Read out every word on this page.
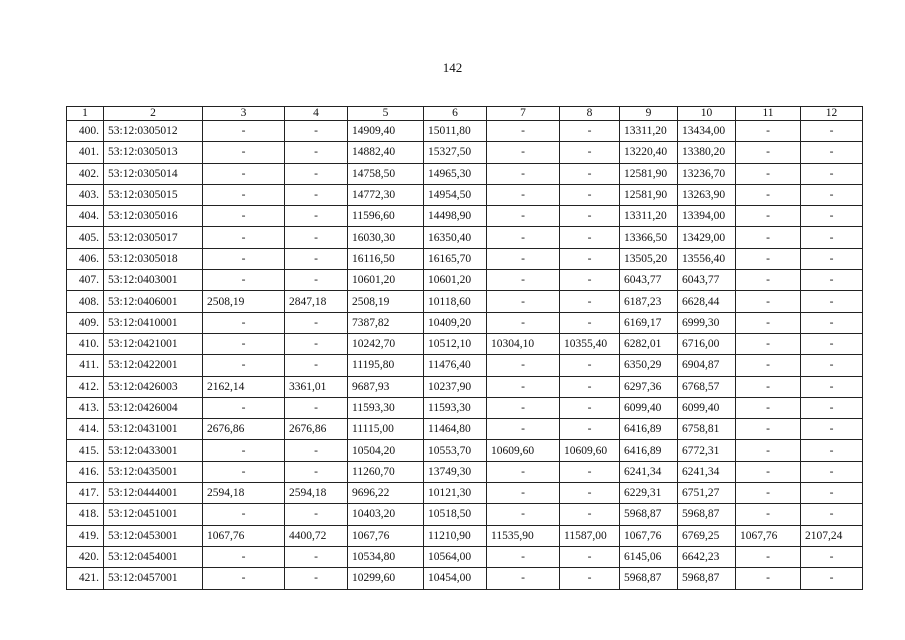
142
1	2	3	4	5	6	7	8	9	10	11	12
400.	53:12:0305012	-	-	14909,40	15011,80	-	-	13311,20	13434,00	-	-
401.	53:12:0305013	-	-	14882,40	15327,50	-	-	13220,40	13380,20	-	-
402.	53:12:0305014	-	-	14758,50	14965,30	-	-	12581,90	13236,70	-	-
403.	53:12:0305015	-	-	14772,30	14954,50	-	-	12581,90	13263,90	-	-
404.	53:12:0305016	-	-	11596,60	14498,90	-	-	13311,20	13394,00	-	-
405.	53:12:0305017	-	-	16030,30	16350,40	-	-	13366,50	13429,00	-	-
406.	53:12:0305018	-	-	16116,50	16165,70	-	-	13505,20	13556,40	-	-
407.	53:12:0403001	-	-	10601,20	10601,20	-	-	6043,77	6043,77	-	-
408.	53:12:0406001	2508,19	2847,18	2508,19	10118,60	-	-	6187,23	6628,44	-	-
409.	53:12:0410001	-	-	7387,82	10409,20	-	-	6169,17	6999,30	-	-
410.	53:12:0421001	-	-	10242,70	10512,10	10304,10	10355,40	6282,01	6716,00	-	-
411.	53:12:0422001	-	-	11195,80	11476,40	-	-	6350,29	6904,87	-	-
412.	53:12:0426003	2162,14	3361,01	9687,93	10237,90	-	-	6297,36	6768,57	-	-
413.	53:12:0426004	-	-	11593,30	11593,30	-	-	6099,40	6099,40	-	-
414.	53:12:0431001	2676,86	2676,86	11115,00	11464,80	-	-	6416,89	6758,81	-	-
415.	53:12:0433001	-	-	10504,20	10553,70	10609,60	10609,60	6416,89	6772,31	-	-
416.	53:12:0435001	-	-	11260,70	13749,30	-	-	6241,34	6241,34	-	-
417.	53:12:0444001	2594,18	2594,18	9696,22	10121,30	-	-	6229,31	6751,27	-	-
418.	53:12:0451001	-	-	10403,20	10518,50	-	-	5968,87	5968,87	-	-
419.	53:12:0453001	1067,76	4400,72	1067,76	11210,90	11535,90	11587,00	1067,76	6769,25	1067,76	2107,24
420.	53:12:0454001	-	-	10534,80	10564,00	-	-	6145,06	6642,23	-	-
421.	53:12:0457001	-	-	10299,60	10454,00	-	-	5968,87	5968,87	-	-
